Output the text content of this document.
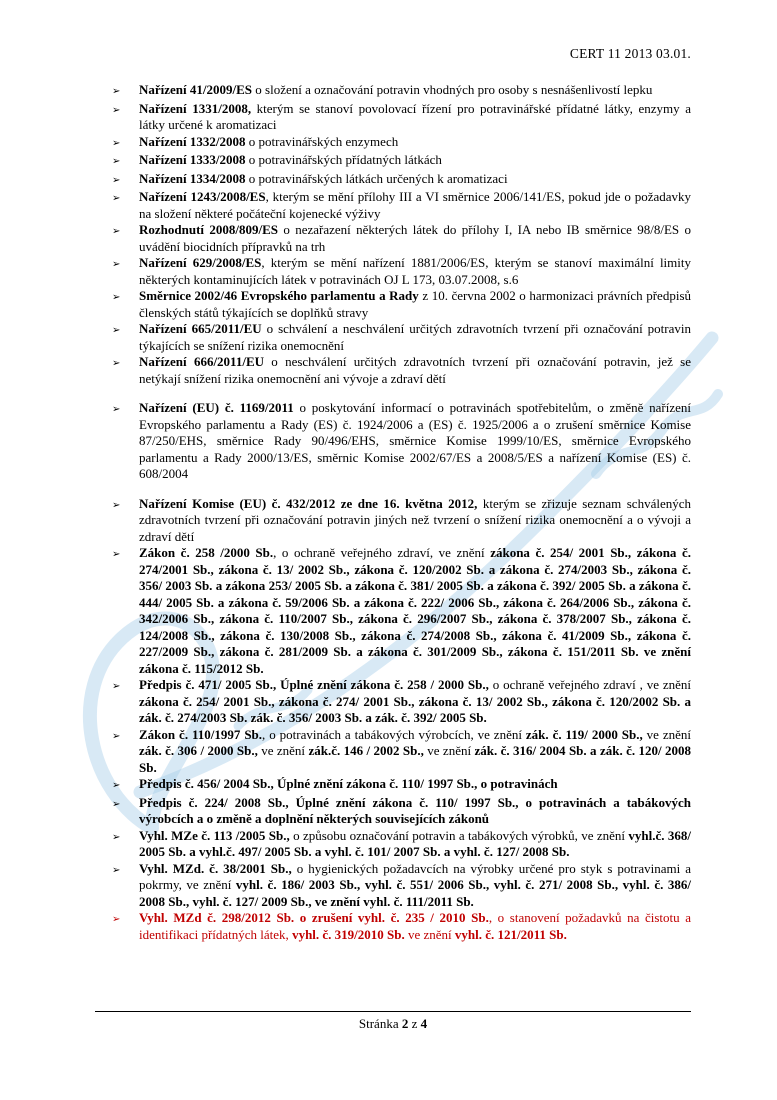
CERT 11 2013 03.01.
➢	Nařízení 41/2009/ES o složení a označování potravin vhodných pro osoby s nesnášenlivostí lepku
➢	Nařízení 1331/2008, kterým se stanoví povolovací řízení pro potravinářské přídatné látky, enzymy a látky určené k aromatizaci
➢	Nařízení 1332/2008 o potravinářských enzymech
➢	Nařízení 1333/2008 o potravinářských přídatných látkách
➢	Nařízení 1334/2008 o potravinářských látkách určených k aromatizaci
➢	Nařízení 1243/2008/ES, kterým se mění přílohy III a VI směrnice 2006/141/ES, pokud jde o požadavky na složení některé počáteční kojenecké výživy
➢	Rozhodnutí 2008/809/ES o nezařazení některých látek do přílohy I, IA nebo IB směrnice 98/8/ES o uvádění biocidních přípravků na trh
➢	Nařízení 629/2008/ES, kterým se mění nařízení 1881/2006/ES, kterým se stanoví maximální limity některých kontaminujících látek v potravinách OJ L 173, 03.07.2008, s.6
➢	Směrnice 2002/46 Evropského parlamentu a Rady z 10. června 2002 o harmonizaci právních předpisů členských států týkajících se doplňků stravy
➢	Nařízení 665/2011/EU o schválení a neschválení určitých zdravotních tvrzení při označování potravin týkajících se snížení rizika onemocnění
➢	Nařízení 666/2011/EU o neschválení určitých zdravotních tvrzení při označování potravin, jež se netýkají snížení rizika onemocnění ani vývoje a zdraví dětí
➢	Nařízení (EU) č. 1169/2011 o poskytování informací o potravinách spotřebitelům, o změně nařízení Evropského parlamentu a Rady (ES) č. 1924/2006 a (ES) č. 1925/2006 a o zrušení směrnice Komise 87/250/EHS, směrnice Rady 90/496/EHS, směrnice Komise 1999/10/ES, směrnice Evropského parlamentu a Rady 2000/13/ES, směrnic Komise 2002/67/ES a 2008/5/ES a nařízení Komise (ES) č. 608/2004
➢	Nařízení Komise (EU) č. 432/2012 ze dne 16. května 2012, kterým se zřizuje seznam schválených zdravotních tvrzení při označování potravin jiných než tvrzení o snížení rizika onemocnění a o vývoji a zdraví dětí
➢	Zákon č. 258 /2000 Sb., o ochraně veřejného zdraví, ve znění zákona č. 254/ 2001 Sb., zákona č. 274/2001 Sb., zákona č. 13/ 2002 Sb., zákona č. 120/2002 Sb. a zákona č. 274/2003 Sb., zákona č. 356/ 2003 Sb. a zákona 253/ 2005 Sb. a zákona č. 381/ 2005 Sb. a zákona č. 392/ 2005 Sb. a zákona č. 444/ 2005 Sb. a zákona č. 59/2006 Sb. a zákona č. 222/ 2006 Sb., zákona č. 264/2006 Sb., zákona č. 342/2006 Sb., zákona č. 110/2007 Sb., zákona č. 296/2007 Sb., zákona č. 378/2007 Sb., zákona č. 124/2008 Sb., zákona č. 130/2008 Sb., zákona č. 274/2008 Sb., zákona č. 41/2009 Sb., zákona č. 227/2009 Sb., zákona č. 281/2009 Sb. a zákona č. 301/2009 Sb., zákona č. 151/2011 Sb. ve znění zákona č. 115/2012 Sb.
➢	Předpis č. 471/ 2005 Sb., Úplné znění zákona č. 258 / 2000 Sb., o ochraně veřejného zdraví , ve znění zákona č. 254/ 2001 Sb., zákona č. 274/ 2001 Sb., zákona č. 13/ 2002 Sb., zákona č. 120/2002 Sb. a zák. č. 274/2003 Sb. zák. č. 356/ 2003 Sb. a zák. č. 392/ 2005 Sb.
➢	Zákon č. 110/1997 Sb., o potravinách a tabákových výrobcích, ve znění zák. č. 119/ 2000 Sb., ve znění zák. č. 306 / 2000 Sb., ve znění zák.č. 146 / 2002 Sb., ve znění zák. č. 316/ 2004 Sb. a zák. č. 120/ 2008 Sb.
➢	Předpis č. 456/ 2004 Sb., Úplné znění zákona č. 110/ 1997 Sb., o potravinách
➢	Předpis č. 224/ 2008 Sb., Úplné znění zákona č. 110/ 1997 Sb., o potravinách a tabákových výrobcích a o změně a doplnění některých souvisejících zákonů
➢	Vyhl. MZe č. 113 /2005 Sb., o způsobu označování potravin a tabákových výrobků, ve znění vyhl.č. 368/ 2005 Sb. a vyhl.č. 497/ 2005 Sb. a vyhl. č. 101/ 2007 Sb. a vyhl. č. 127/ 2008 Sb.
➢	Vyhl. MZd. č. 38/2001 Sb., o hygienických požadavcích na výrobky určené pro styk s potravinami a pokrmy, ve znění vyhl. č. 186/ 2003 Sb., vyhl. č. 551/ 2006 Sb., vyhl. č. 271/ 2008 Sb., vyhl. č. 386/ 2008 Sb., vyhl. č. 127/ 2009 Sb., ve znění vyhl. č. 111/2011 Sb.
➢	Vyhl. MZd č. 298/2012 Sb. o zrušení vyhl. č. 235 / 2010 Sb., o stanovení požadavků na čistotu a identifikaci přídatných látek, vyhl. č. 319/2010 Sb. ve znění vyhl. č. 121/2011 Sb.
Stránka 2 z 4
